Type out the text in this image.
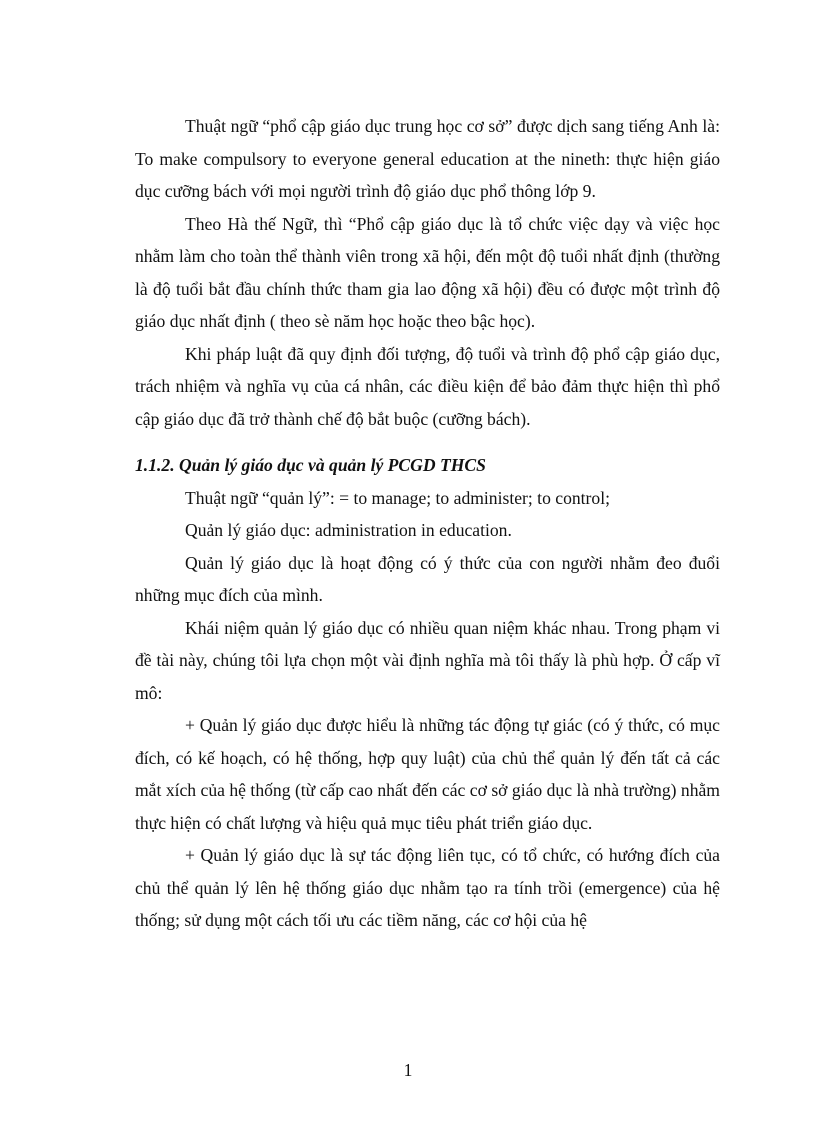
Thuật ngữ “phổ cập giáo dục trung học cơ sở” được dịch sang tiếng Anh là: To make compulsory to everyone general education at the nineth: thực hiện giáo dục cưỡng bách với mọi người trình độ giáo dục phổ thông lớp 9.

Theo Hà thế Ngữ, thì “Phổ cập giáo dục là tổ chức việc dạy và việc học nhằm làm cho toàn thể thành viên trong xã hội, đến một độ tuổi nhất định (thường là độ tuổi bắt đầu chính thức tham gia lao động xã hội) đều có được một trình độ giáo dục nhất định ( theo sè năm học hoặc theo bậc học).

Khi pháp luật đã quy định đối tượng, độ tuổi và trình độ phổ cập giáo dục, trách nhiệm và nghĩa vụ của cá nhân, các điều kiện để bảo đảm thực hiện thì phổ cập giáo dục đã trở thành chế độ bắt buộc (cưỡng bách).

1.1.2. Quản lý giáo dục và quản lý PCGD THCS

Thuật ngữ “quản lý”: = to manage; to administer; to control;

Quản lý giáo dục: administration in education.

Quản lý giáo dục là hoạt động có ý thức của con người nhằm đeo đuổi những mục đích của mình.

Khái niệm quản lý giáo dục có nhiều quan niệm khác nhau. Trong phạm vi đề tài này, chúng tôi lựa chọn một vài định nghĩa mà tôi thấy là phù hợp. Ở cấp vĩ mô:

+ Quản lý giáo dục được hiểu là những tác động tự giác (có ý thức, có mục đích, có kế hoạch, có hệ thống, hợp quy luật) của chủ thể quản lý đến tất cả các mắt xích của hệ thống (từ cấp cao nhất đến các cơ sở giáo dục là nhà trường) nhằm thực hiện có chất lượng và hiệu quả mục tiêu phát triển giáo dục.

+ Quản lý giáo dục là sự tác động liên tục, có tổ chức, có hướng đích của chủ thể quản lý lên hệ thống giáo dục nhằm tạo ra tính trồi (emergence) của hệ thống; sử dụng một cách tối ưu các tiềm năng, các cơ hội của hệ

1
